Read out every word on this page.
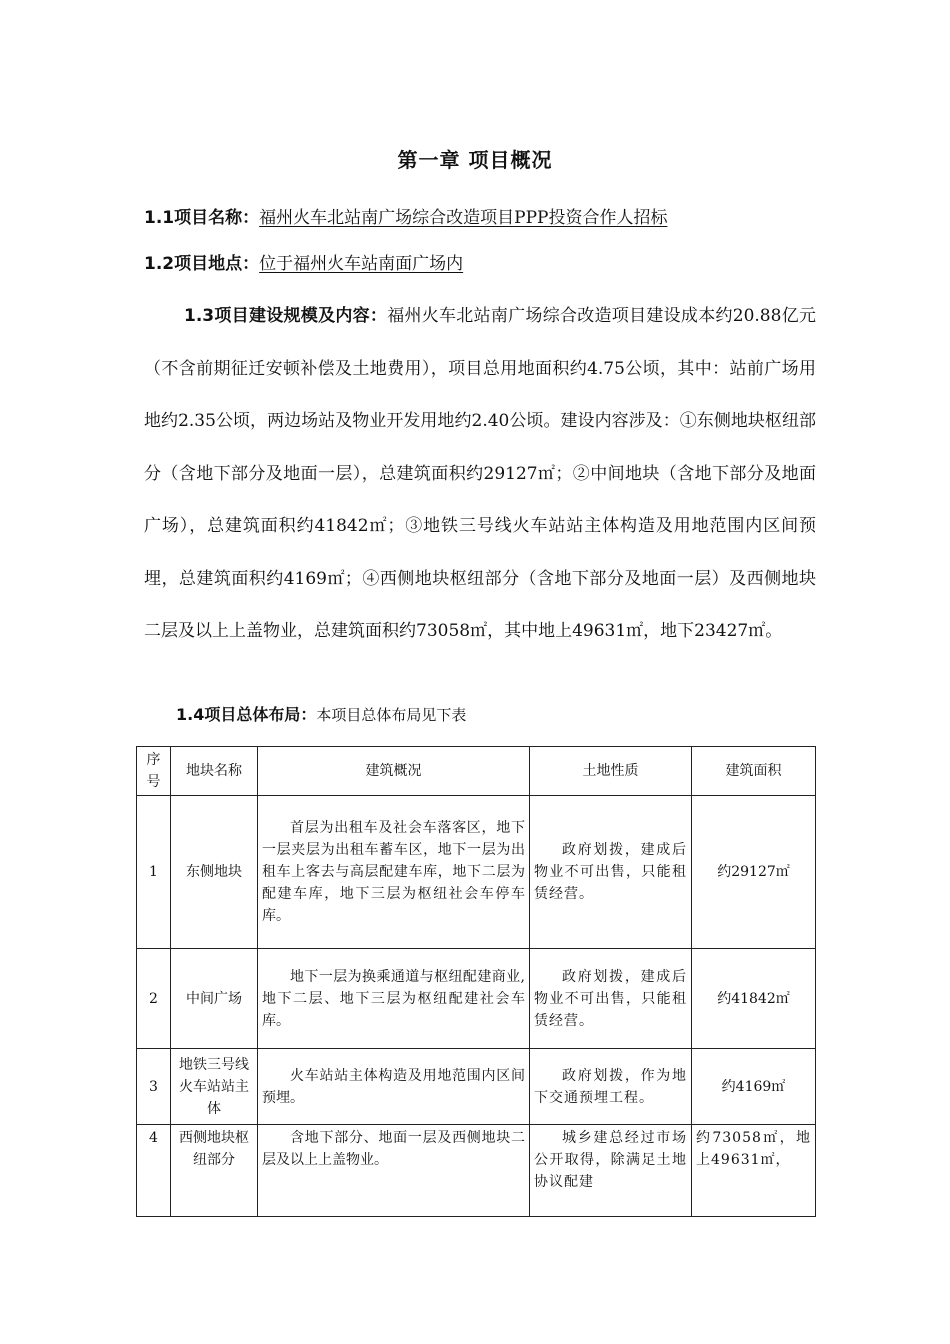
第一章 项目概况
1.1项目名称：福州火车北站南广场综合改造项目PPP投资合作人招标
1.2项目地点：位于福州火车站南面广场内
1.3项目建设规模及内容：福州火车北站南广场综合改造项目建设成本约20.88亿元（不含前期征迁安顿补偿及土地费用），项目总用地面积约4.75公顷，其中：站前广场用地约2.35公顷，两边场站及物业开发用地约2.40公顷。建设内容涉及：①东侧地块枢纽部分（含地下部分及地面一层），总建筑面积约29127㎡；②中间地块（含地下部分及地面广场），总建筑面积约41842㎡；③地铁三号线火车站站主体构造及用地范围内区间预埋，总建筑面积约4169㎡；④西侧地块枢纽部分（含地下部分及地面一层）及西侧地块二层及以上上盖物业，总建筑面积约73058㎡，其中地上49631㎡，地下23427㎡。
1.4项目总体布局：本项目总体布局见下表
序号	地块名称	建筑概况	土地性质	建筑面积
1	东侧地块	首层为出租车及社会车落客区，地下一层夹层为出租车蓄车区，地下一层为出租车上客去与高层配建车库，地下二层为配建车库，地下三层为枢纽社会车停车库。	政府划拨，建成后物业不可出售，只能租赁经营。	约29127㎡
2	中间广场	地下一层为换乘通道与枢纽配建商业,地下二层、地下三层为枢纽配建社会车库。	政府划拨，建成后物业不可出售，只能租赁经营。	约41842㎡
3	地铁三号线火车站站主体	火车站站主体构造及用地范围内区间预埋。	政府划拨，作为地下交通预埋工程。	约4169㎡
4	西侧地块枢纽部分	含地下部分、地面一层及西侧地块二层及以上上盖物业。	城乡建总经过市场公开取得，除满足土地协议配建	约73058㎡，地上49631㎡，
